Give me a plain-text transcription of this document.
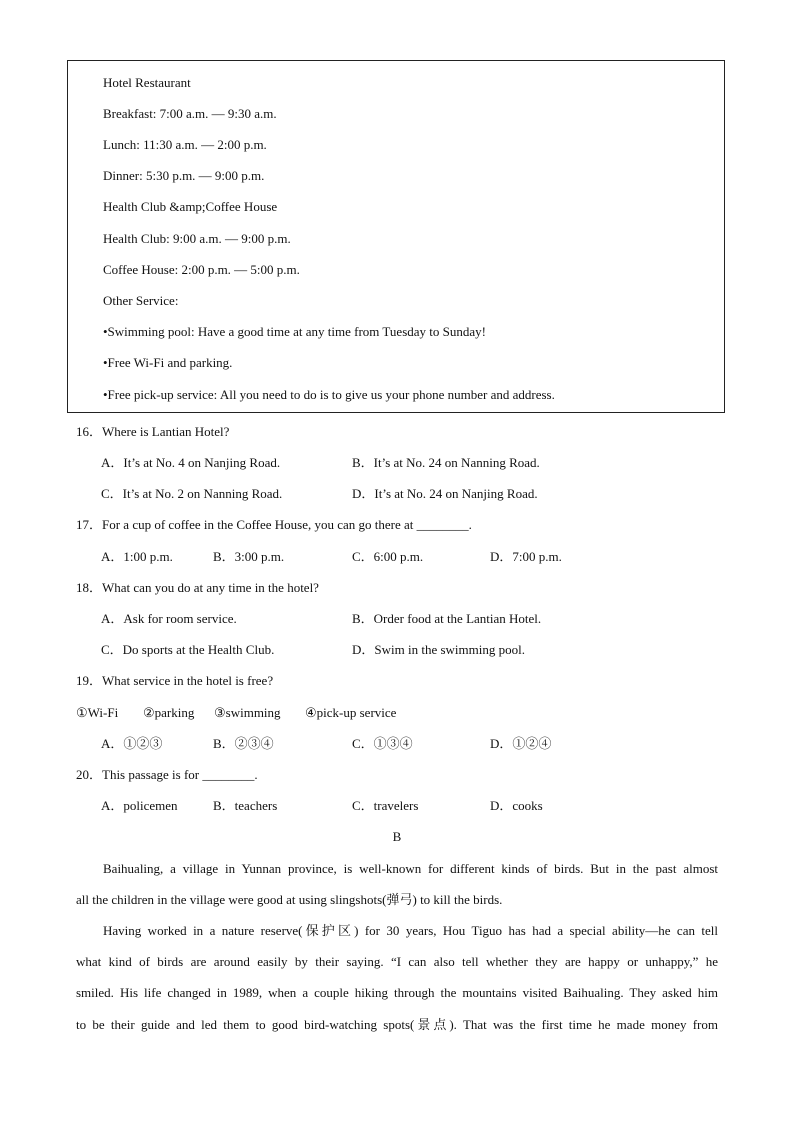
Hotel Restaurant
Breakfast: 7:00 a.m. — 9:30 a.m.
Lunch: 11:30 a.m. — 2:00 p.m.
Dinner: 5:30 p.m. — 9:00 p.m.
Health Club &amp;Coffee House
Health Club: 9:00 a.m. — 9:00 p.m.
Coffee House: 2:00 p.m. — 5:00 p.m.
Other Service:
•Swimming pool: Have a good time at any time from Tuesday to Sunday!
•Free Wi-Fi and parking.
•Free pick-up service: All you need to do is to give us your phone number and address.
16．Where is Lantian Hotel?
A．It’s at No. 4 on Nanjing Road.	B．It’s at No. 24 on Nanning Road.
C．It’s at No. 2 on Nanning Road.	D．It’s at No. 24 on Nanjing Road.
17．For a cup of coffee in the Coffee House, you can go there at ________.
A．1:00 p.m.	B．3:00 p.m.	C．6:00 p.m.	D．7:00 p.m.
18．What can you do at any time in the hotel?
A．Ask for room service.	B．Order food at the Lantian Hotel.
C．Do sports at the Health Club.	D．Swim in the swimming pool.
19．What service in the hotel is free?
①Wi-Fi ②parking ③swimming ④pick-up service
A．①②③	B．②③④	C．①③④	D．①②④
20．This passage is for ________.
A．policemen	B．teachers	C．travelers	D．cooks
B
Baihualing, a village in Yunnan province, is well-known for different kinds of birds. But in the past almost
all the children in the village were good at using slingshots(弹弓) to kill the birds.
Having worked in a nature reserve(保护区) for 30 years, Hou Tiguo has had a special ability—he can tell
what kind of birds are around easily by their saying. “I can also tell whether they are happy or unhappy,” he
smiled. His life changed in 1989, when a couple hiking through the mountains visited Baihualing. They asked him
to be their guide and led them to good bird-watching spots(景点). That was the first time he made money from
